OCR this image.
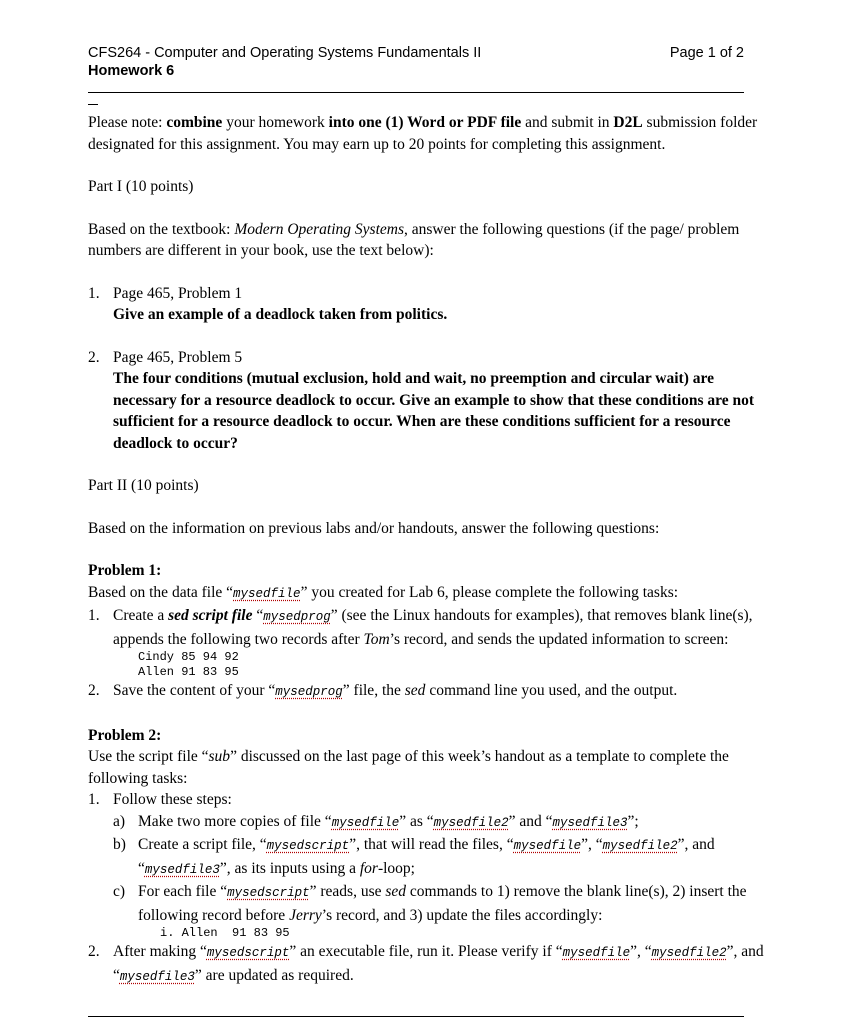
CFS264 - Computer and Operating Systems Fundamentals II
Homework 6
Page 1 of 2

Please note: combine your homework into one (1) Word or PDF file and submit in D2L submission folder designated for this assignment. You may earn up to 20 points for completing this assignment.

Part I (10 points)

Based on the textbook: Modern Operating Systems, answer the following questions (if the page/ problem numbers are different in your book, use the text below):

1. Page 465, Problem 1

Give an example of a deadlock taken from politics.

2. Page 465, Problem 5

The four conditions (mutual exclusion, hold and wait, no preemption and circular wait) are necessary for a resource deadlock to occur. Give an example to show that these conditions are not sufficient for a resource deadlock to occur. When are these conditions sufficient for a resource deadlock to occur?

Part II (10 points)

Based on the information on previous labs and/or handouts, answer the following questions:

Problem 1:

Based on the data file “mysedfile” you created for Lab 6, please complete the following tasks:

1. Create a sed script file “mysedprog” (see the Linux handouts for examples), that removes blank line(s), appends the following two records after Tom’s record, and sends the updated information to screen:

Cindy 85 94 92
Allen 91 83 95
2. Save the content of your “mysedprog” file, the sed command line you used, and the output.

Problem 2:

Use the script file “sub” discussed on the last page of this week’s handout as a template to complete the following tasks:

1. Follow these steps:

a) Make two more copies of file “mysedfile” as “mysedfile2” and “mysedfile3”;

b) Create a script file, “mysedscript”, that will read the files, “mysedfile”, “mysedfile2”, and “mysedfile3”, as its inputs using a for-loop;

c) For each file “mysedscript” reads, use sed commands to 1) remove the blank line(s), 2) insert the following record before Jerry’s record, and 3) update the files accordingly:

i. Allen  91 83 95
2. After making “mysedscript” an executable file, run it. Please verify if “mysedfile”, “mysedfile2”, and “mysedfile3” are updated as required.
